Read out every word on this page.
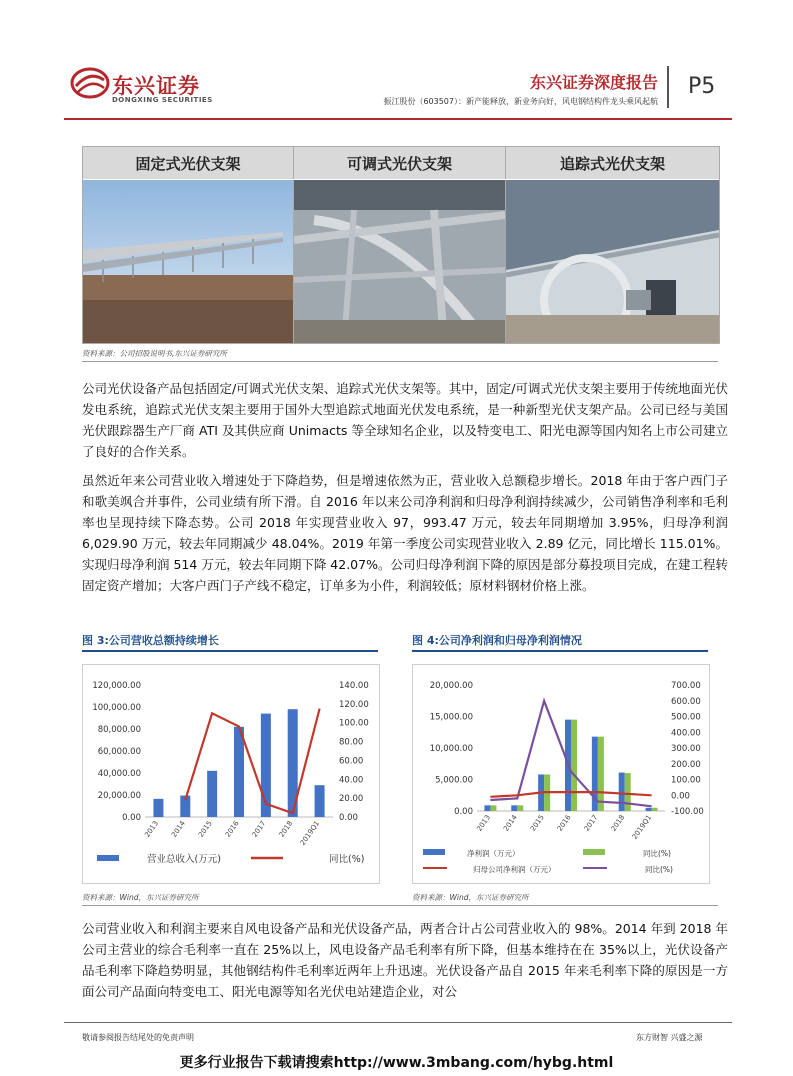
东兴证券
DONGXING SECURITIES
东兴证券深度报告
振江股份（603507）：新产能释放，新业务向好，风电钢结构件龙头乘风起航
P5
固定式光伏支架	可调式光伏支架	追踪式光伏支架
资料来源：公司招股说明书,东兴证券研究所

公司光伏设备产品包括固定/可调式光伏支架、追踪式光伏支架等。其中，固定/可调式光伏支架主要用于传统地面光伏发电系统，追踪式光伏支架主要用于国外大型追踪式地面光伏发电系统，是一种新型光伏支架产品。公司已经与美国光伏跟踪器生产厂商 ATI 及其供应商 Unimacts 等全球知名企业，以及特变电工、阳光电源等国内知名上市公司建立了良好的合作关系。

虽然近年来公司营业收入增速处于下降趋势，但是增速依然为正，营业收入总额稳步增长。2018 年由于客户西门子和歌美飒合并事件，公司业绩有所下滑。自 2016 年以来公司净利润和归母净利润持续减少，公司销售净利率和毛利率也呈现持续下降态势。公司 2018 年实现营业收入 97，993.47 万元，较去年同期增加 3.95%，归母净利润 6,029.90 万元，较去年同期减少 48.04%。2019 年第一季度公司实现营业收入 2.89 亿元，同比增长 115.01%。实现归母净利润 514 万元，较去年同期下降 42.07%。公司归母净利润下降的原因是部分募投项目完成，在建工程转固定资产增加；大客户西门子产线不稳定，订单多为小件，利润较低；原材料钢材价格上涨。

图 3:公司营收总额持续增长
120,000.00
100,000.00
80,000.00
60,000.00
40,000.00
20,000.00
0.00
140.00
120.00
100.00
80.00
60.00
40.00
20.00
0.00
2013 2014 2015 2016 2017 2018 2019Q1
营业总收入(万元)	同比(%)
资料来源：Wind，东兴证券研究所
图 4:公司净利润和归母净利润情况
20,000.00
15,000.00
10,000.00
5,000.00
0.00
700.00
600.00
500.00
400.00
300.00
200.00
100.00
0.00
-100.00
2013 2014 2015 2016 2017 2018 2019Q1
净利润（万元）
归母公司净利润（万元）
同比(%)
同比(%)
资料来源：Wind，东兴证券研究所

公司营业收入和利润主要来自风电设备产品和光伏设备产品，两者合计占公司营业收入的 98%。2014 年到 2018 年公司主营业的综合毛利率一直在 25%以上，风电设备产品毛利率有所下降，但基本维持在在 35%以上，光伏设备产品毛利率下降趋势明显，其他钢结构件毛利率近两年上升迅速。光伏设备产品自 2015 年来毛利率下降的原因是一方面公司产品面向特变电工、阳光电源等知名光伏电站建造企业，对公

敬请参阅报告结尾处的免责声明	东方财智 兴盛之源
更多行业报告下载请搜索http://www.3mbang.com/hybg.html
